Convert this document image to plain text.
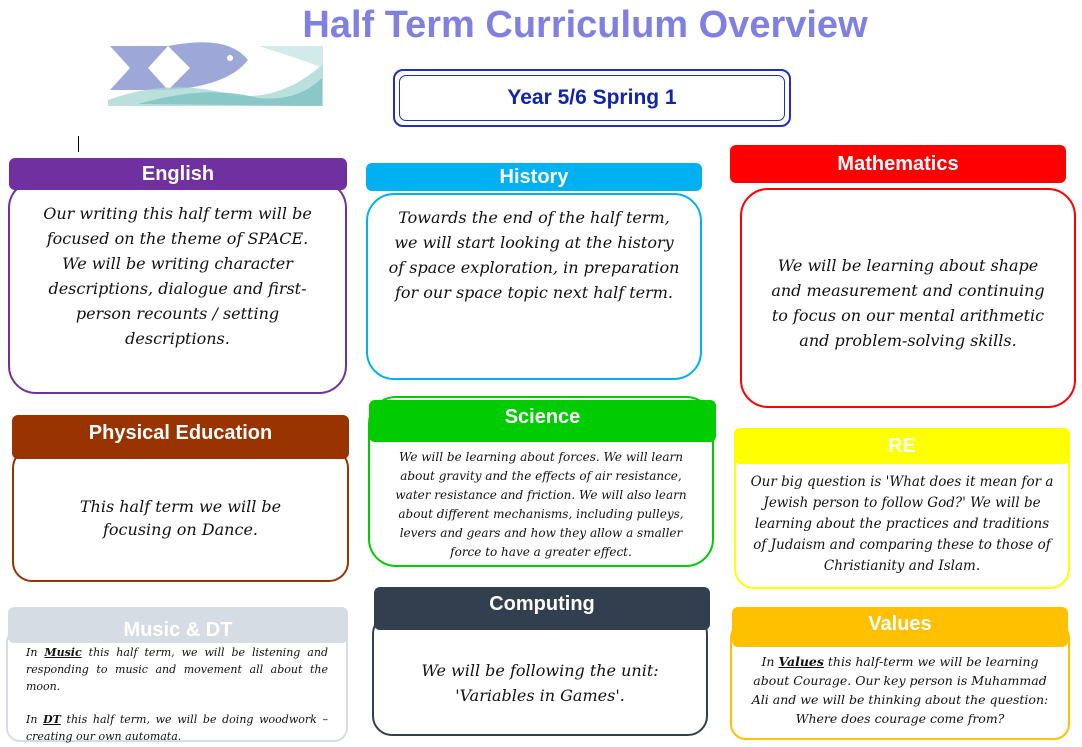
Half Term Curriculum Overview
Year 5/6 Spring 1
Our writing this half term will be focused on the theme of SPACE. We will be writing character descriptions, dialogue and first-person recounts / setting descriptions.
English
Towards the end of the half term, we will start looking at the history of space exploration, in preparation for our space topic next half term.
History
We will be learning about shape and measurement and continuing to focus on our mental arithmetic and problem-solving skills.
Mathematics
This half term we will be focusing on Dance.
Physical Education
We will be learning about forces. We will learn about gravity and the effects of air resistance, water resistance and friction. We will also learn about different mechanisms, including pulleys, levers and gears and how they allow a smaller force to have a greater effect.
Science
Our big question is 'What does it mean for a Jewish person to follow God?' We will be learning about the practices and traditions of Judaism and comparing these to those of Christianity and Islam.
RE
In Music this half term, we will be listening and responding to music and movement all about the moon.
In DT this half term, we will be doing woodwork – creating our own automata.
Music & DT
We will be following the unit: 'Variables in Games'.
Computing
In Values this half-term we will be learning about Courage. Our key person is Muhammad Ali and we will be thinking about the question: Where does courage come from?
Values
